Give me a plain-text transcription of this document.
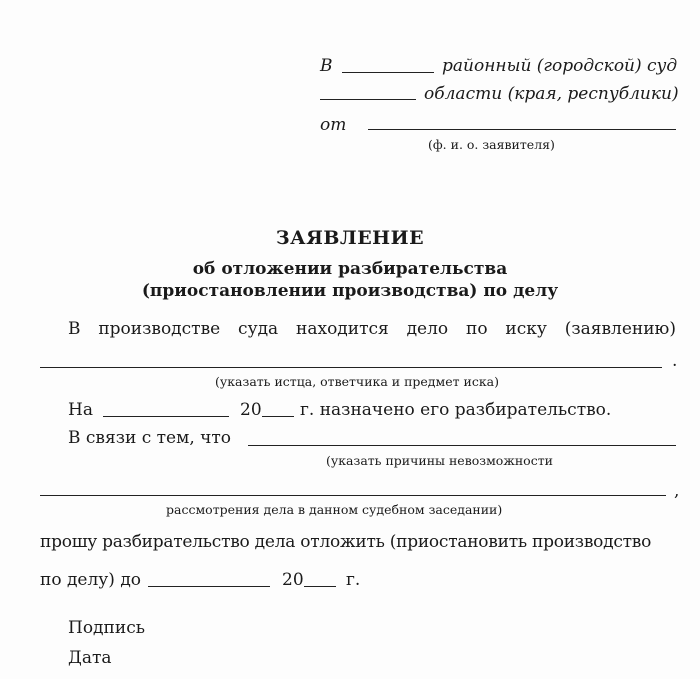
В	районный (городской) суд
области (края, республики)
от
(ф. и. о. заявителя)
ЗАЯВЛЕНИЕ
об отложении разбирательства
(приостановлении производства) по делу
В производстве суда находится дело по иску (заявлению)
.
(указать истца, ответчика и предмет иска)
На	20 г. назначено его разбирательство.
В связи с тем, что
(указать причины невозможности
,
рассмотрения дела в данном судебном заседании)
прошу разбирательство дела отложить (приостановить производство
по делу) до	20 г.
Подпись
Дата
